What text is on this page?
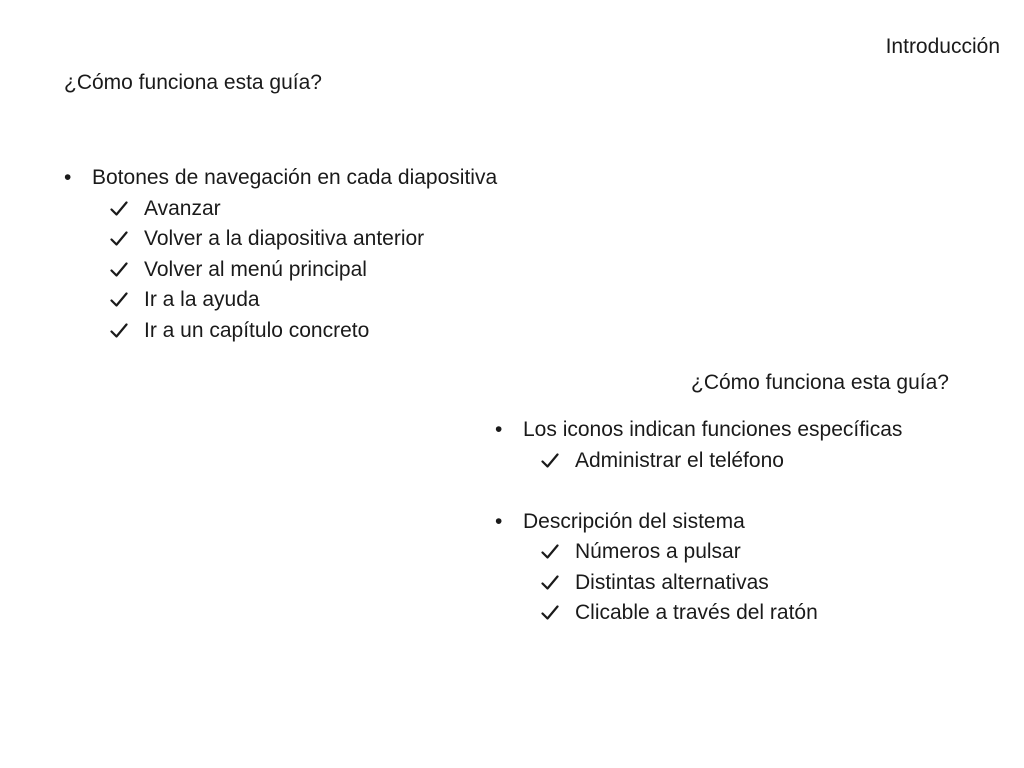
Introducción
¿Cómo funciona esta guía?
• Botones de navegación en cada diapositiva
Avanzar
Volver a la diapositiva anterior
Volver al menú principal
Ir a la ayuda
Ir a un capítulo concreto
¿Cómo funciona esta guía?
• Los iconos indican funciones específicas
Administrar el teléfono
• Descripción del sistema
Números a pulsar
Distintas alternativas
Clicable a través del ratón
